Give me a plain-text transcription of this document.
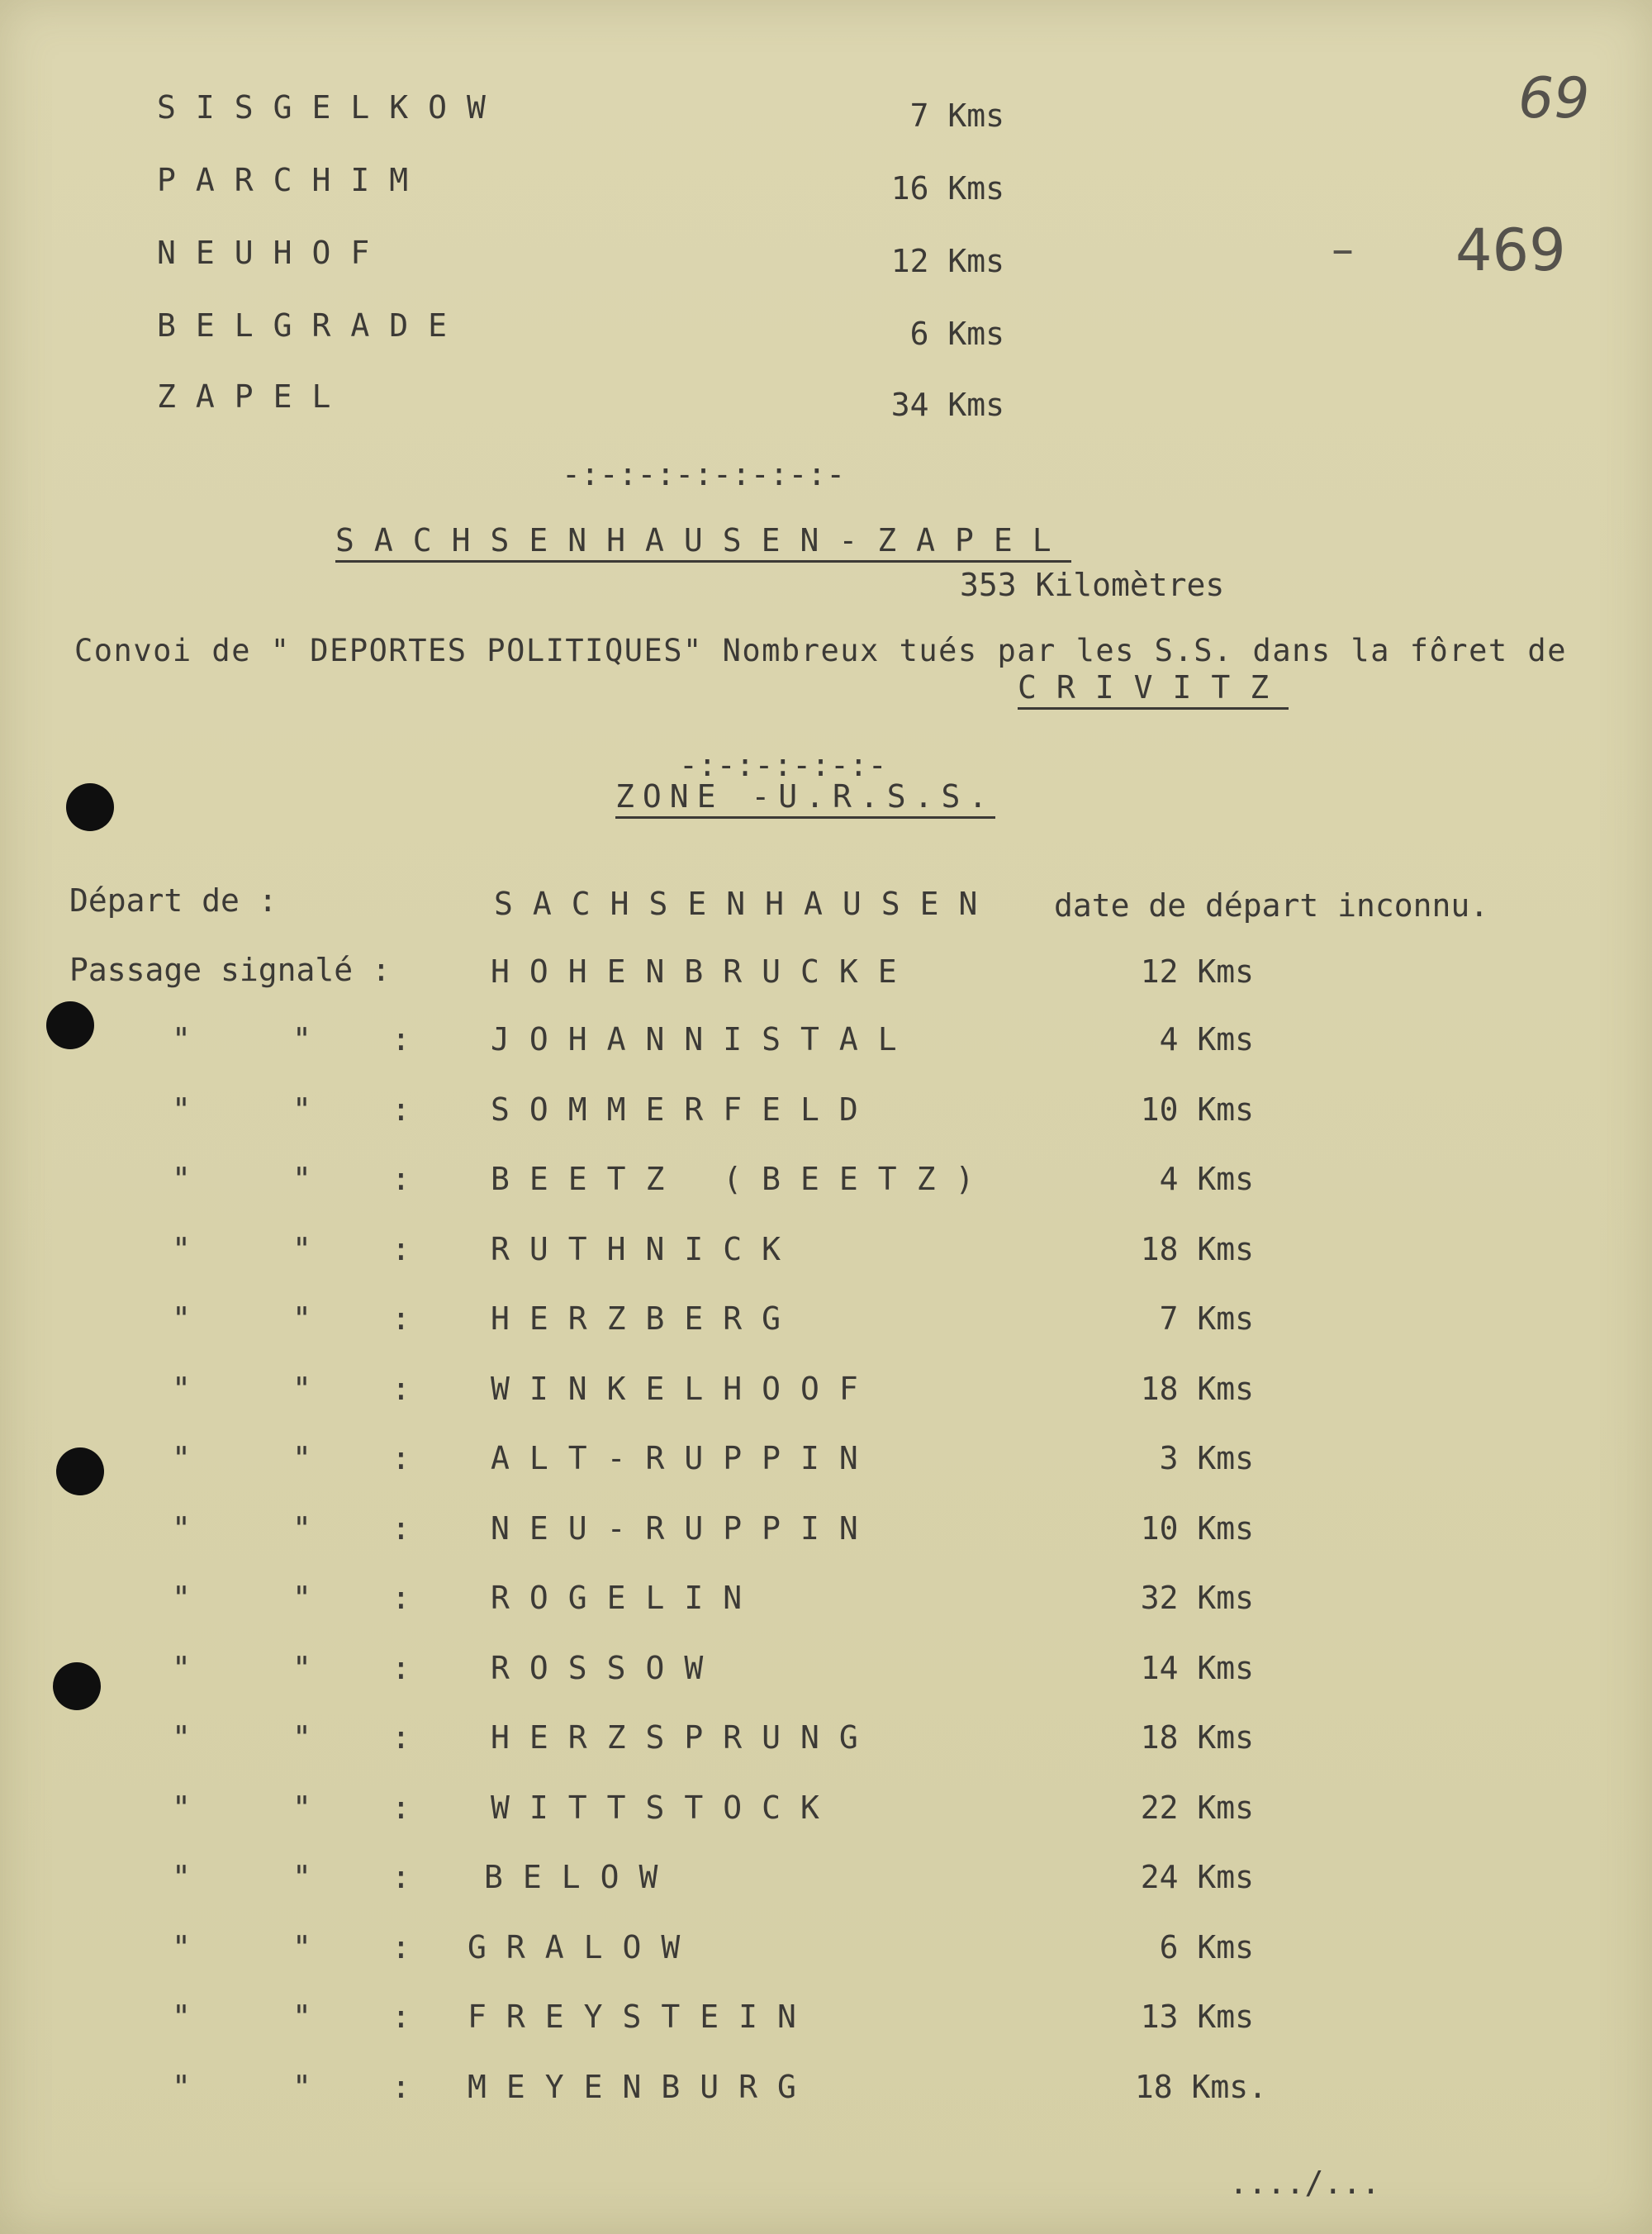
69
– 469
SISGELKOW	7 Kms
PARCHIM	16 Kms
NEUHOF	12 Kms
BELGRADE	6 Kms
ZAPEL	34 Kms
-:-:-:-:-:-:-:-
SACHSENHAUSEN-ZAPEL
353 Kilomètres
Convoi de " DEPORTES POLITIQUES" Nombreux tués par les S.S. dans la fôret de
CRIVITZ
-:-:-:-:-:-
ZONE -U.R.S.S.
Départ de :	SACHSENHAUSEN date de départ inconnu.
Passage signalé :	HOHENBRUCKE	12 Kms
"	"	:	JOHANNISTAL	4 Kms
"	"	:	SOMMERFELD	10 Kms
"	"	:	BEETZ (BEETZ)	4 Kms
"	"	:	RUTHNICK	18 Kms
"	"	:	HERZBERG	7 Kms
"	"	:	WINKELHOOF	18 Kms
"	"	:	ALT-RUPPIN	3 Kms
"	"	:	NEU-RUPPIN	10 Kms
"	"	:	ROGELIN	32 Kms
"	"	:	ROSSOW	14 Kms
"	"	:	HERZSPRUNG	18 Kms
"	"	:	WITTSTOCK	22 Kms
"	"	: BELOW	24 Kms
"	"	: GRALOW	6 Kms
"	"	: FREYSTEIN	13 Kms
"	"	: MEYENBURG	18 Kms.
..../...
